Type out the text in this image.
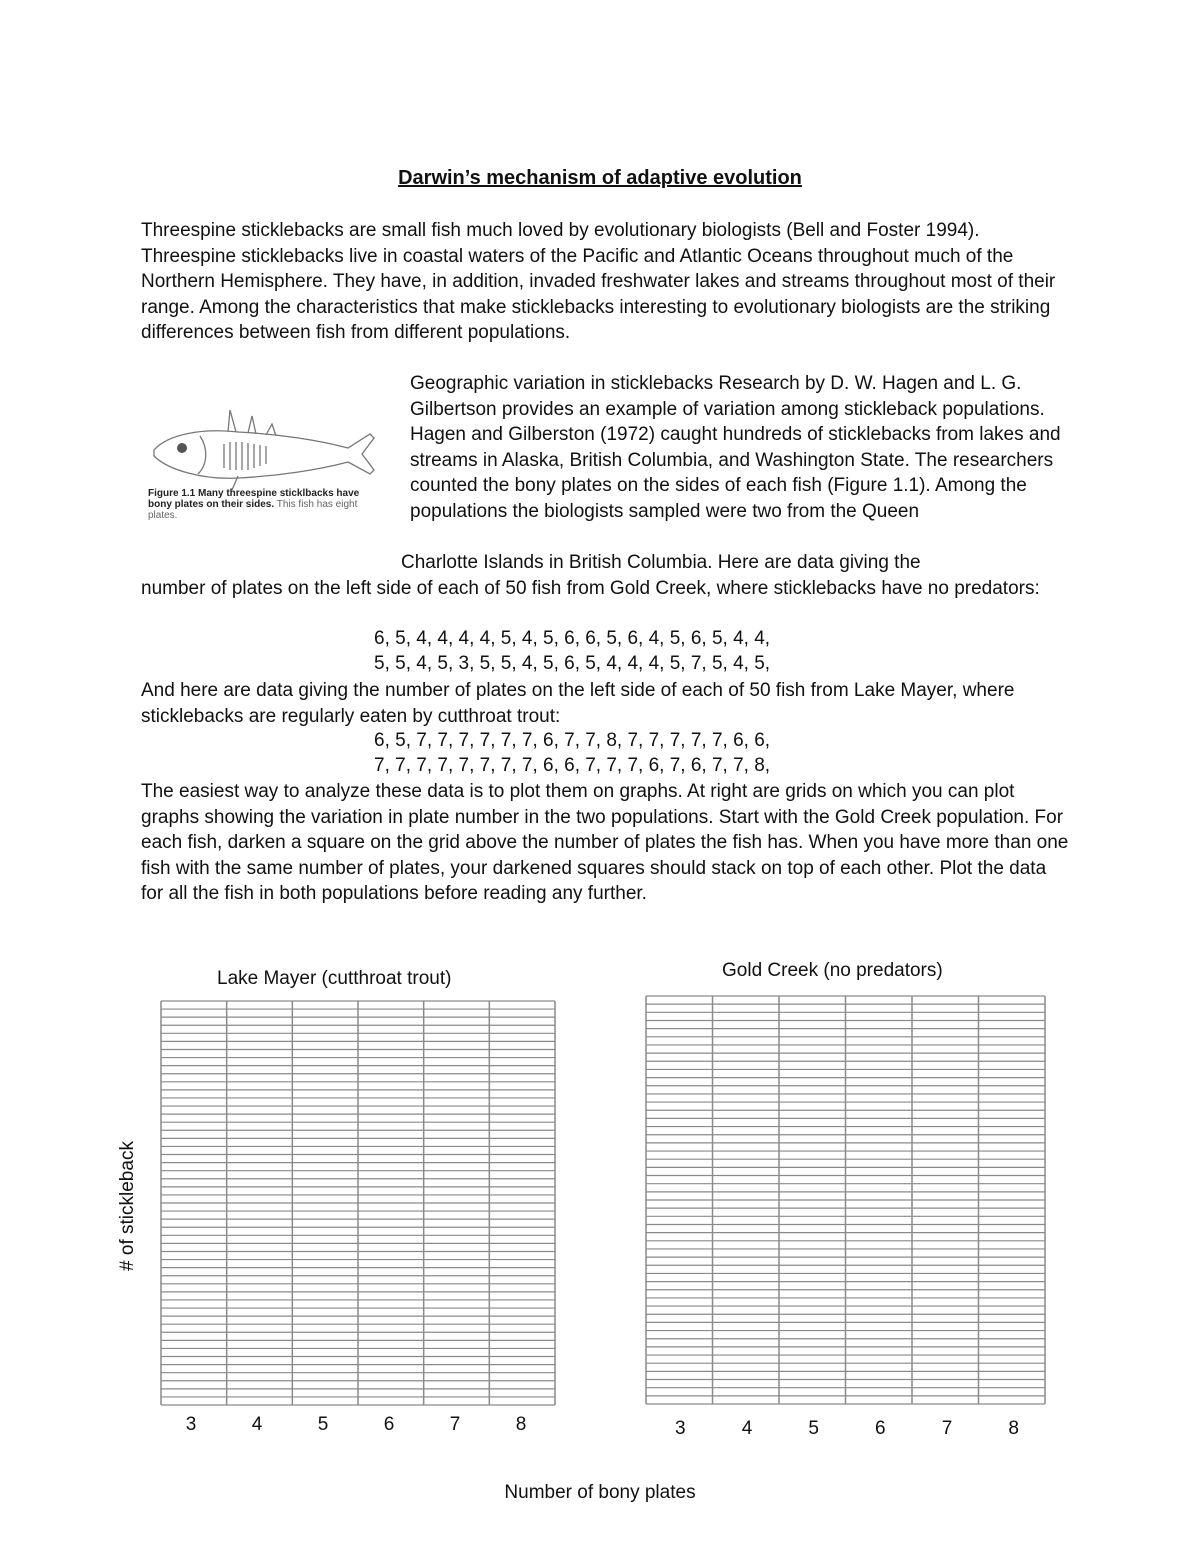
Darwin’s mechanism of adaptive evolution

Threespine sticklebacks are small fish much loved by evolutionary biologists (Bell and Foster 1994). Threespine sticklebacks live in coastal waters of the Pacific and Atlantic Oceans throughout much of the Northern Hemisphere. They have, in addition, invaded freshwater lakes and streams throughout most of their range. Among the characteristics that make sticklebacks interesting to evolutionary biologists are the striking differences between fish from different populations.

Figure 1.1 Many threespine sticklbacks have bony plates on their sides. This fish has eight plates.

Geographic variation in sticklebacks Research by D. W. Hagen and L. G. Gilbertson provides an example of variation among stickleback populations. Hagen and Gilberston (1972) caught hundreds of sticklebacks from lakes and streams in Alaska, British Columbia, and Washington State. The researchers counted the bony plates on the sides of each fish (Figure 1.1). Among the populations the biologists sampled were two from the Queen

Charlotte Islands in British Columbia. Here are data giving the
number of plates on the left side of each of 50 fish from Gold Creek, where sticklebacks have no predators:
6, 5, 4, 4, 4, 4, 5, 4, 5, 6, 6, 5, 6, 4, 5, 6, 5, 4, 4,
5, 5, 4, 5, 3, 5, 5, 4, 5, 6, 5, 4, 4, 4, 5, 7, 5, 4, 5,

And here are data giving the number of plates on the left side of each of 50 fish from Lake Mayer, where sticklebacks are regularly eaten by cutthroat trout:

6, 5, 7, 7, 7, 7, 7, 7, 6, 7, 7, 8, 7, 7, 7, 7, 7, 6, 6,
7, 7, 7, 7, 7, 7, 7, 7, 6, 6, 7, 7, 7, 6, 7, 6, 7, 7, 8,

The easiest way to analyze these data is to plot them on graphs. At right are grids on which you can plot graphs showing the variation in plate number in the two populations. Start with the Gold Creek population. For each fish, darken a square on the grid above the number of plates the fish has. When you have more than one fish with the same number of plates, your darkened squares should stack on top of each other. Plot the data for all the fish in both populations before reading any further.

Lake Mayer (cutthroat trout)	Gold Creek (no predators)
3	4	5	6	7	8	3	4	5	6	7	8
# of stickleback
Number of bony plates
